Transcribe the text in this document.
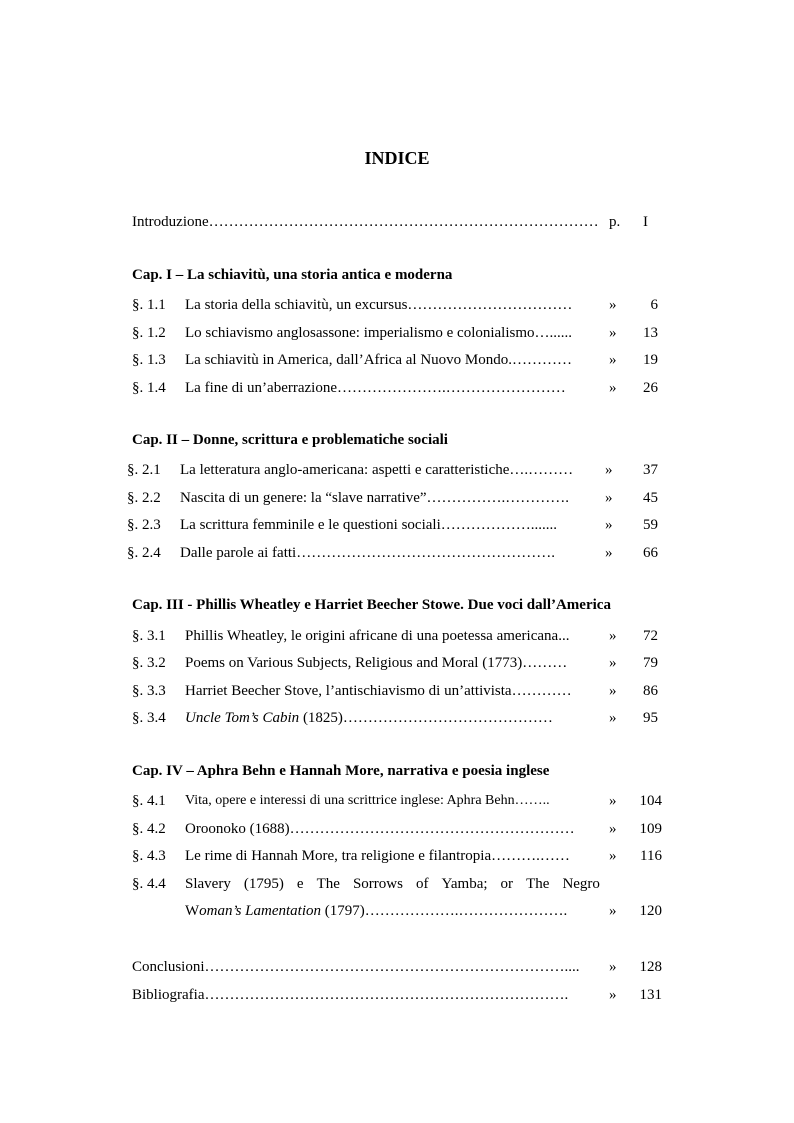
INDICE
Introduzione…………………………………………………………………… p.	I
Cap. I – La schiavitù, una storia antica e moderna
§. 1.1 La storia della schiavitù, un excursus……………………………	»	6
§. 1.2 Lo schiavismo anglosassone: imperialismo e colonialismo…......	»	13
§. 1.3 La schiavitù in America, dall’Africa al Nuovo Mondo.…………	»	19
§. 1.4 La fine di un’aberrazione………………….……………………	»	26
Cap. II – Donne, scrittura e problematiche sociali
§. 2.1 La letteratura anglo-americana: aspetti e caratteristiche….………	»	37
§. 2.2 Nascita di un genere: la “slave narrative”…………….………….	»	45
§. 2.3 La scrittura femminile e le questioni sociali……………….......	»	59
§. 2.4 Dalle parole ai fatti…………………………………………….	»	66
Cap. III - Phillis Wheatley e Harriet Beecher Stowe. Due voci dall’America
§. 3.1 Phillis Wheatley, le origini africane di una poetessa americana...	»	72
§. 3.2 Poems on Various Subjects, Religious and Moral (1773)………	»	79
§. 3.3 Harriet Beecher Stove, l’antischiavismo di un’attivista…………	»	86
§. 3.4 Uncle Tom’s Cabin (1825)……………………………………	»	95
Cap. IV – Aphra Behn e Hannah More, narrativa e poesia inglese
§. 4.1 Vita, opere e interessi di una scrittrice inglese: Aphra Behn……..	»	104
§. 4.2 Oroonoko (1688)…………………………………………………	»	109
§. 4.3 Le rime di Hannah More, tra religione e filantropia……….……	»	116
§. 4.4 Slavery (1795) e The Sorrows of Yamba; or The Negro
Woman’s Lamentation (1797)……………….………………….	»	120
Conclusioni………………………………………………………………....	»	128
Bibliografia……………………………………………………………….	»	131
